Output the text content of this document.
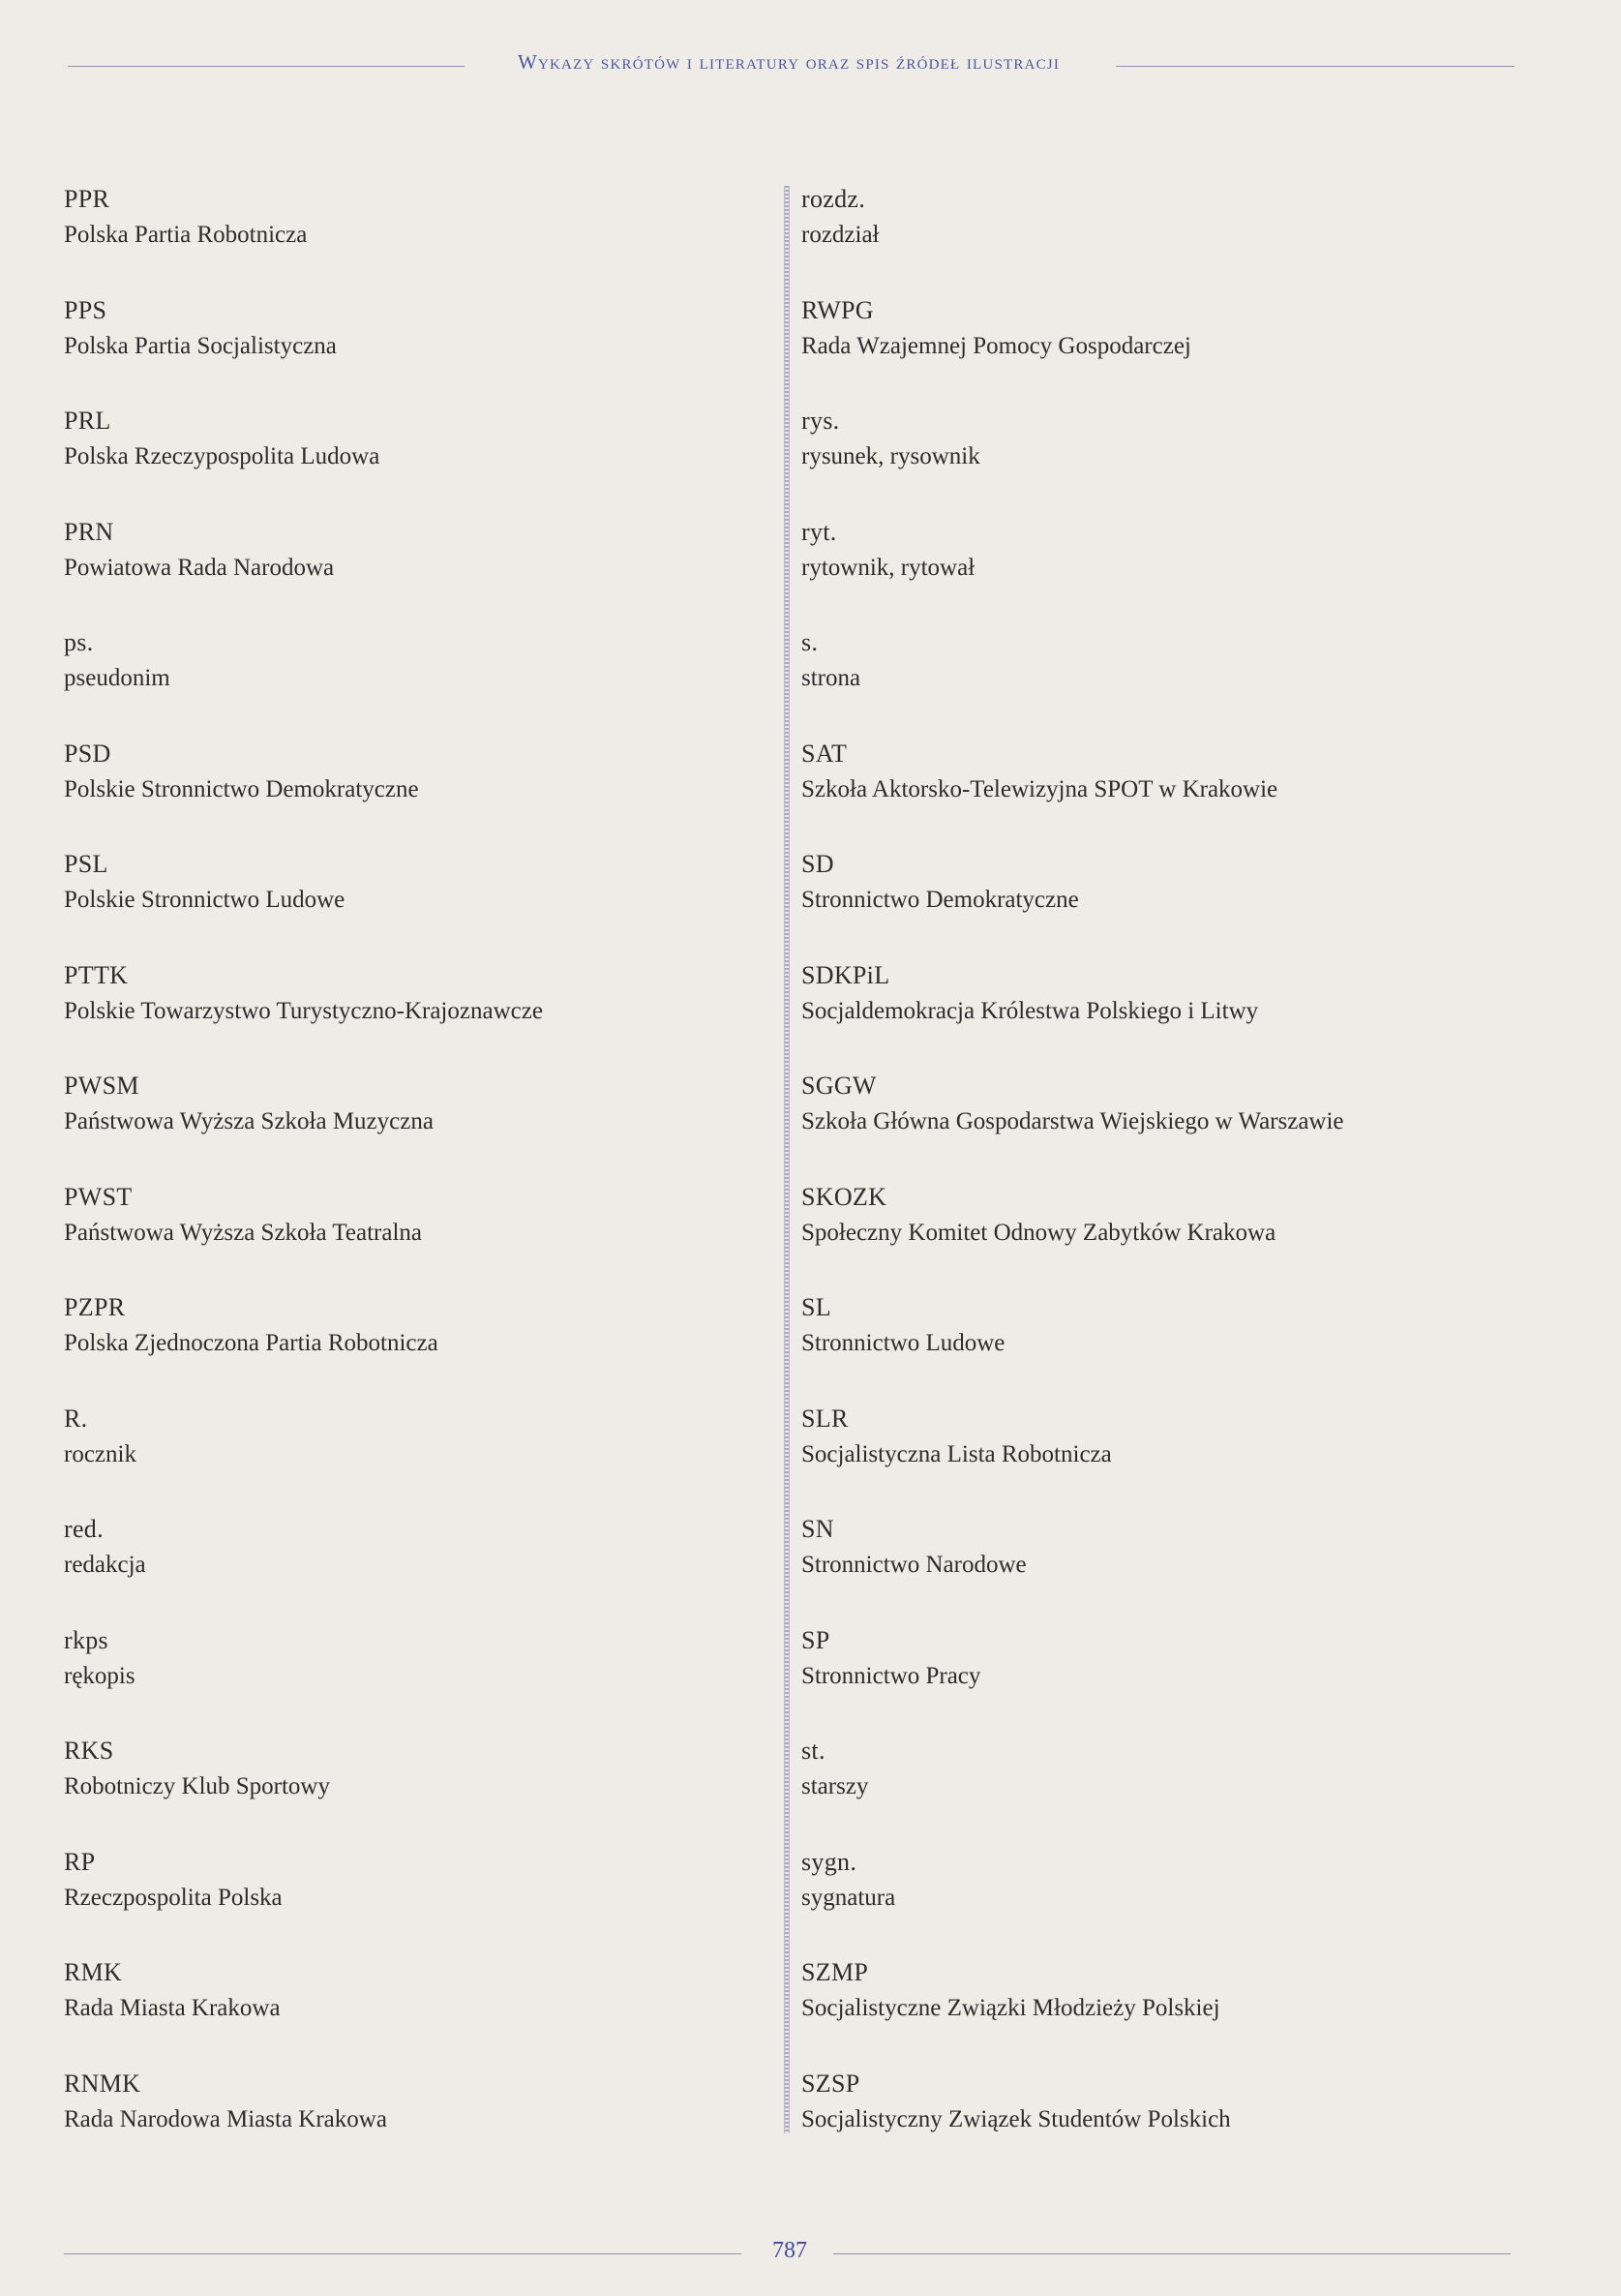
Wykazy skrótów i literatury oraz spis źródeł ilustracji
PPR
Polska Partia Robotnicza
PPS
Polska Partia Socjalistyczna
PRL
Polska Rzeczypospolita Ludowa
PRN
Powiatowa Rada Narodowa
ps.
pseudonim
PSD
Polskie Stronnictwo Demokratyczne
PSL
Polskie Stronnictwo Ludowe
PTTK
Polskie Towarzystwo Turystyczno-Krajoznawcze
PWSM
Państwowa Wyższa Szkoła Muzyczna
PWST
Państwowa Wyższa Szkoła Teatralna
PZPR
Polska Zjednoczona Partia Robotnicza
R.
rocznik
red.
redakcja
rkps
rękopis
RKS
Robotniczy Klub Sportowy
RP
Rzeczpospolita Polska
RMK
Rada Miasta Krakowa
RNMK
Rada Narodowa Miasta Krakowa
rozdz.
rozdział
RWPG
Rada Wzajemnej Pomocy Gospodarczej
rys.
rysunek, rysownik
ryt.
rytownik, rytował
s.
strona
SAT
Szkoła Aktorsko-Telewizyjna SPOT w Krakowie
SD
Stronnictwo Demokratyczne
SDKPiL
Socjaldemokracja Królestwa Polskiego i Litwy
SGGW
Szkoła Główna Gospodarstwa Wiejskiego w Warszawie
SKOZK
Społeczny Komitet Odnowy Zabytków Krakowa
SL
Stronnictwo Ludowe
SLR
Socjalistyczna Lista Robotnicza
SN
Stronnictwo Narodowe
SP
Stronnictwo Pracy
st.
starszy
sygn.
sygnatura
SZMP
Socjalistyczne Związki Młodzieży Polskiej
SZSP
Socjalistyczny Związek Studentów Polskich
787
